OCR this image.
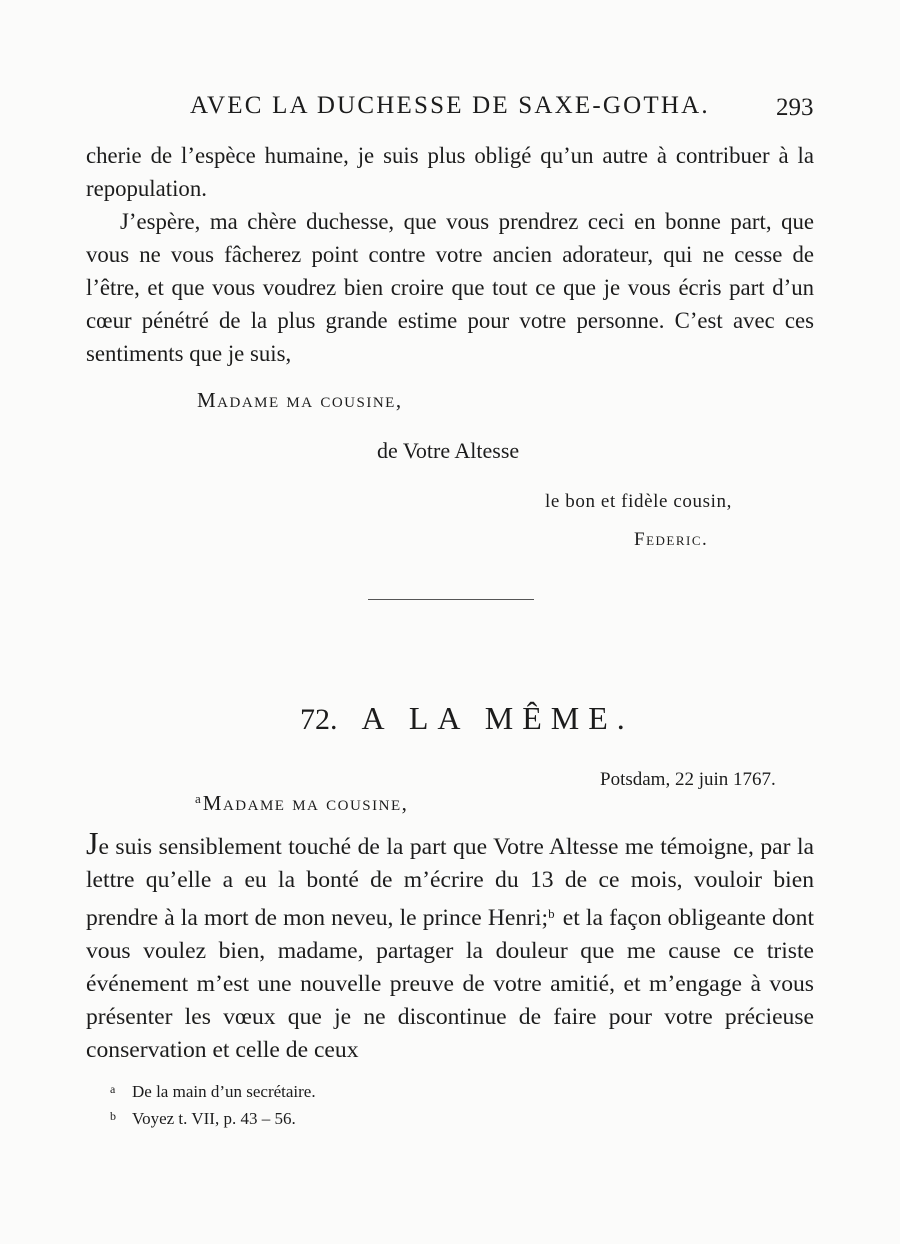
AVEC LA DUCHESSE DE SAXE-GOTHA.	293

cherie de l’espèce humaine, je suis plus obligé qu’un autre à contribuer à la repopulation.

J’espère, ma chère duchesse, que vous prendrez ceci en bonne part, que vous ne vous fâcherez point contre votre ancien adorateur, qui ne cesse de l’être, et que vous voudrez bien croire que tout ce que je vous écris part d’un cœur pénétré de la plus grande estime pour votre personne. C’est avec ces sentiments que je suis,

Madame ma cousine,
de Votre Altesse
le bon et fidèle cousin,
Federic.
72. A LA MÊME.
Potsdam, 22 juin 1767.
$^a$Madame ma cousine,

Je suis sensiblement touché de la part que Votre Altesse me témoigne, par la lettre qu’elle a eu la bonté de m’écrire du 13 de ce mois, vouloir bien prendre à la mort de mon neveu, le prince Henri;$^b$ et la façon obligeante dont vous voulez bien, madame, partager la douleur que me cause ce triste événement m’est une nouvelle preuve de votre amitié, et m’engage à vous présenter les vœux que je ne discontinue de faire pour votre précieuse conservation et celle de ceux

a De la main d’un secrétaire.
b Voyez t. VII, p. 43 – 56.
